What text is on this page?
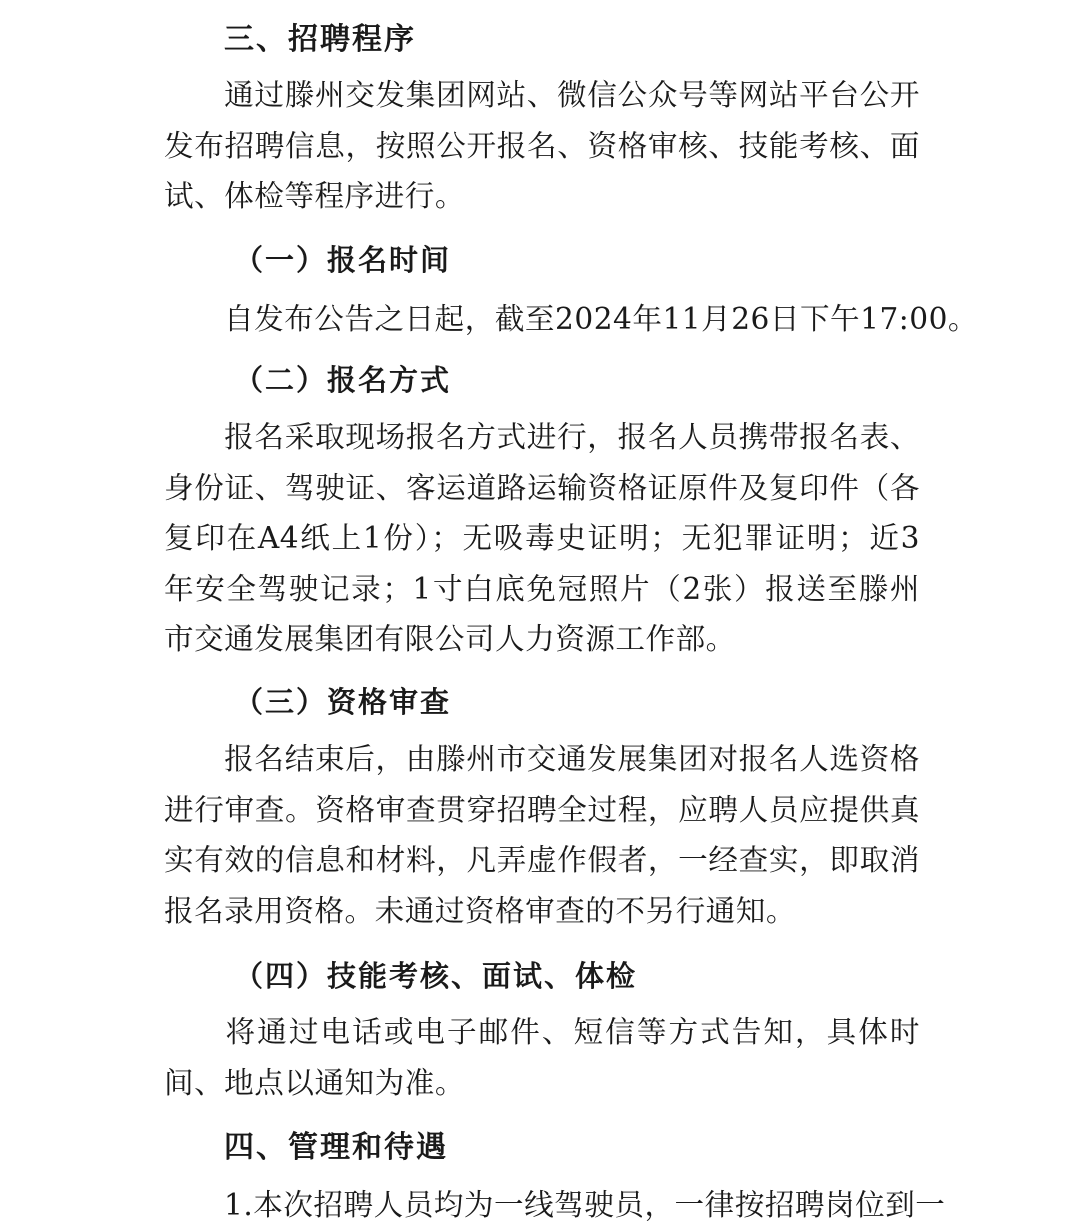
三、招聘程序
通过滕州交发集团网站、微信公众号等网站平台公开发布招聘信息，按照公开报名、资格审核、技能考核、面试、体检等程序进行。
（一）报名时间
自发布公告之日起，截至2024年11月26日下午17:00。
（二）报名方式
报名采取现场报名方式进行，报名人员携带报名表、身份证、驾驶证、客运道路运输资格证原件及复印件（各复印在A4纸上1份）；无吸毒史证明；无犯罪证明；近3年安全驾驶记录；1寸白底免冠照片（2张）报送至滕州市交通发展集团有限公司人力资源工作部。
（三）资格审查
报名结束后，由滕州市交通发展集团对报名人选资格进行审查。资格审查贯穿招聘全过程，应聘人员应提供真实有效的信息和材料，凡弄虚作假者，一经查实，即取消报名录用资格。未通过资格审查的不另行通知。
（四）技能考核、面试、体检
将通过电话或电子邮件、短信等方式告知，具体时间、地点以通知为准。
四、管理和待遇
1.本次招聘人员均为一线驾驶员，一律按招聘岗位到一
